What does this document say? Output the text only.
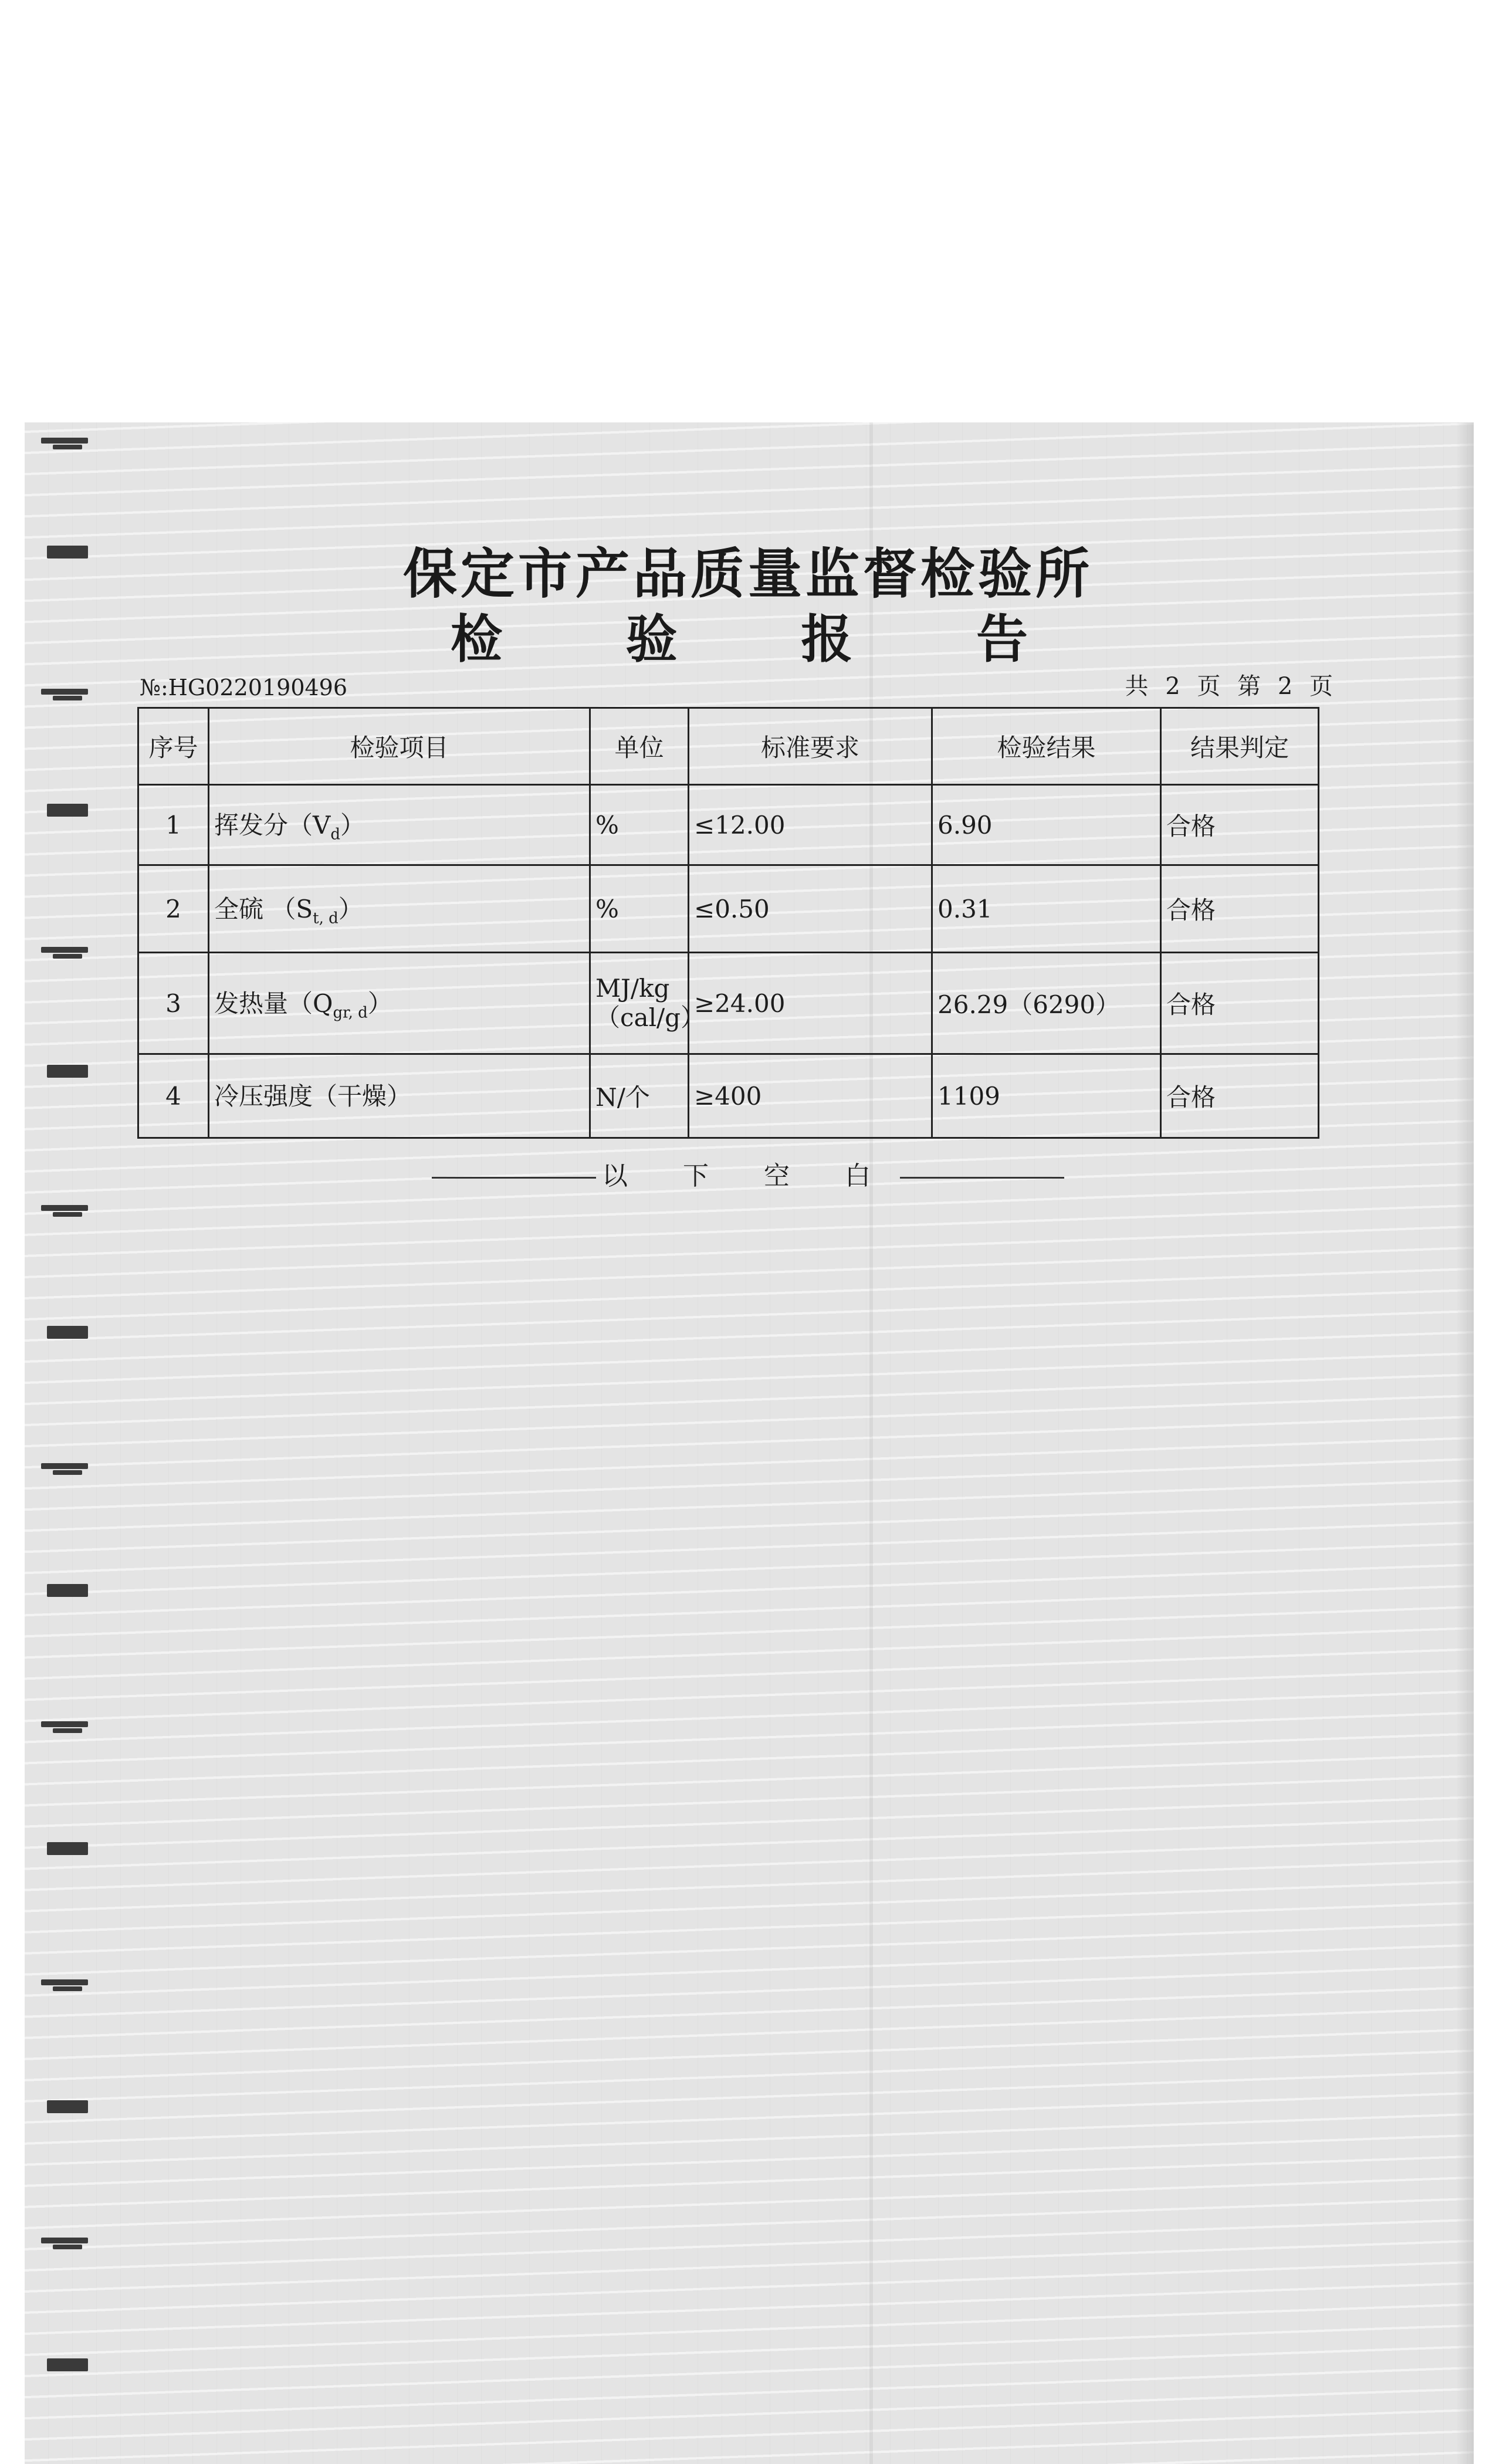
保定市产品质量监督检验所
检 验 报 告
№:HG0220190496	共 2 页 第 2 页
序号	检验项目	单位	标准要求	检验结果	结果判定
1	挥发分$(V_d)$	%	≤12.00	6.90	合格
2	全硫 $(S_{t, d})$	%	≤0.50	0.31	合格
3	发热量$(Q_{gr, d})$	MJ/kg（cal/g）	≥24.00	26.29（6290）	合格
4	冷压强度（干燥）	N/个	≥400	1109	合格
以 下 空 白
